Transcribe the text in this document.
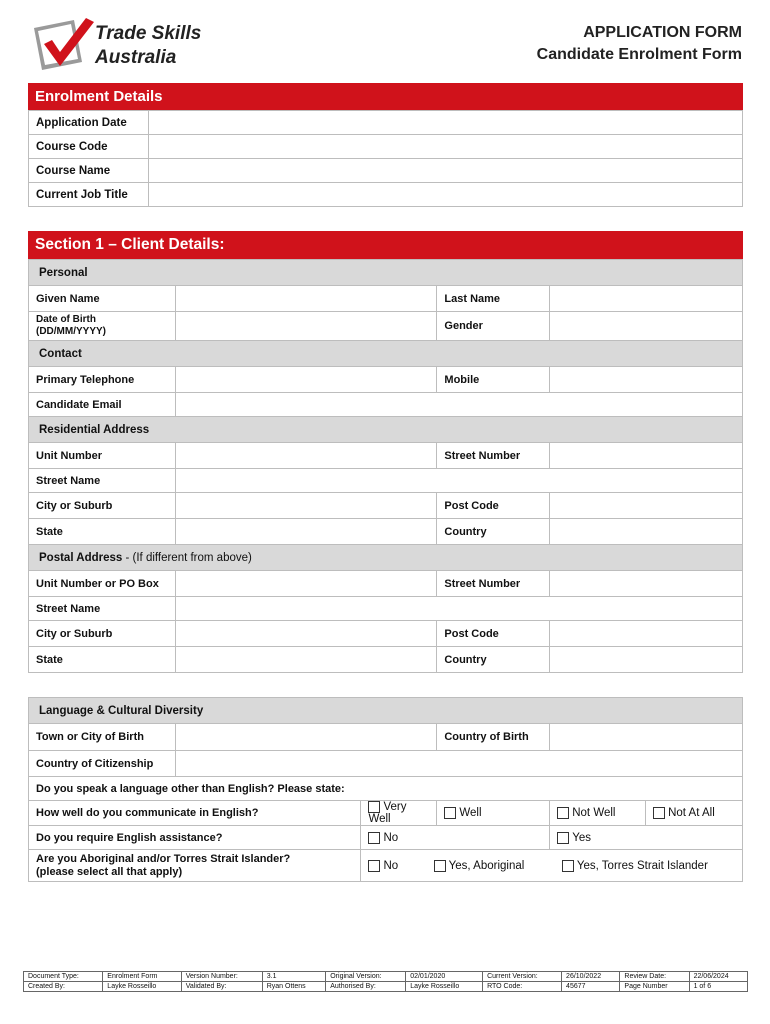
Trade Skills
Australia
APPLICATION FORM
Candidate Enrolment Form
Enrolment Details
Application Date	
Course Code	
Course Name	
Current Job Title	
Section 1 – Client Details:
Personal			
Given Name		Last Name	
Date of Birth (DD/MM/YYYY)		Gender	
Contact			
Primary Telephone		Mobile	
Candidate Email			
Residential Address			
Unit Number		Street Number	
Street Name			
City or Suburb		Post Code	
State		Country	
Postal Address - (If different from above)			
Unit Number or PO Box		Street Number	
Street Name			
City or Suburb		Post Code	
State		Country	
Language & Cultural Diversity					
Town or City of Birth			Country of Birth		
Country of Citizenship					
Do you speak a language other than English? Please state:					
How well do you communicate in English?		Very Well	Well	Not Well	Not At All
Do you require English assistance?		No		Yes	

Are you Aboriginal and/or Torres Strait Islander?
(please select all that apply)		No Yes, Aboriginal Yes, Torres Strait Islander			
Document Type:	Enrolment Form	Version Number:	3.1	Original Version:	02/01/2020	Current Version:	26/10/2022	Review Date:	22/06/2024
Created By:	Layke Rosseillo	Validated By:	Ryan Ottens	Authorised By:	Layke Rosseillo	RTO Code:	45677	Page Number	1 of 6
